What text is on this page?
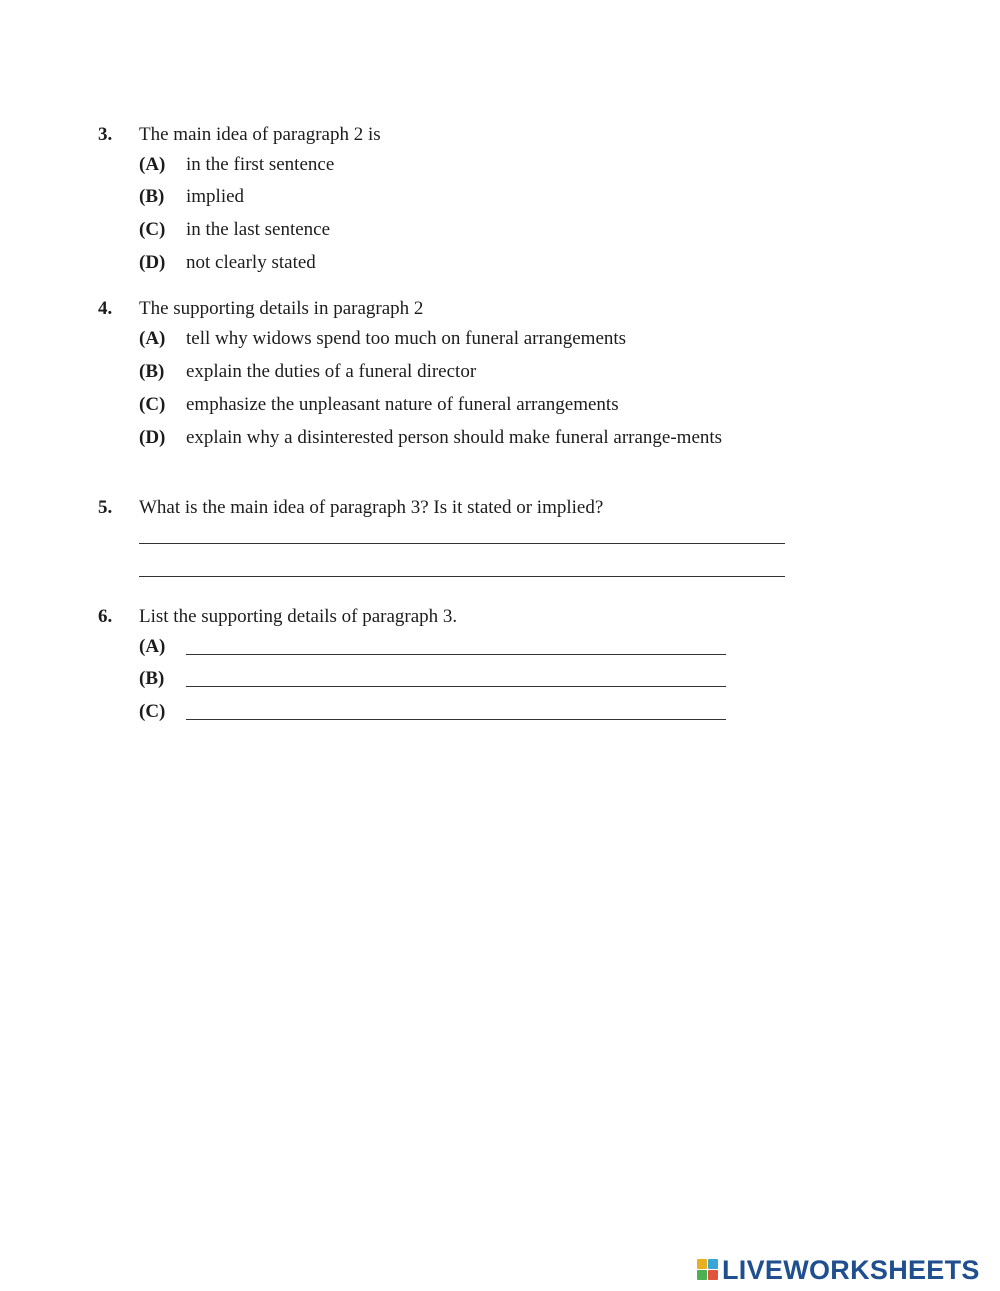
3. The main idea of paragraph 2 is
(A) in the first sentence
(B) implied
(C) in the last sentence
(D) not clearly stated
4. The supporting details in paragraph 2
(A) tell why widows spend too much on funeral arrangements
(B) explain the duties of a funeral director
(C) emphasize the unpleasant nature of funeral arrangements
(D) explain why a disinterested person should make funeral arrange-ments
5. What is the main idea of paragraph 3? Is it stated or implied?
6. List the supporting details of paragraph 3.
(A)
(B)
(C)
LIVEWORKSHEETS
